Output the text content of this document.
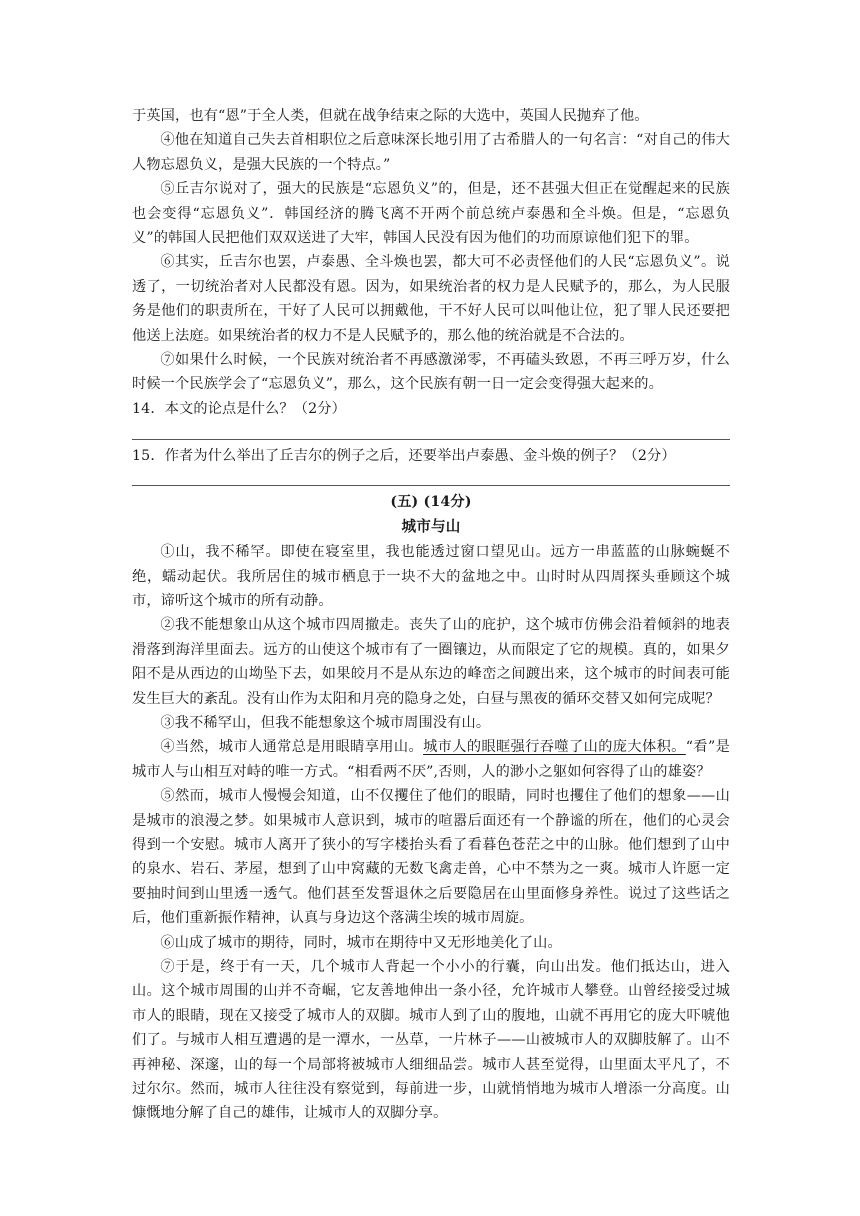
于英国，也有“恩”于全人类，但就在战争结束之际的大选中，英国人民抛弃了他。

④他在知道自己失去首相职位之后意味深长地引用了古希腊人的一句名言：“对自己的伟大人物忘恩负义，是强大民族的一个特点。”

⑤丘吉尔说对了，强大的民族是“忘恩负义”的，但是，还不甚强大但正在觉醒起来的民族也会变得“忘恩负义”．韩国经济的腾飞离不开两个前总统卢泰愚和全斗焕。但是，“忘恩负义”的韩国人民把他们双双送进了大牢，韩国人民没有因为他们的功而原谅他们犯下的罪。

⑥其实，丘吉尔也罢，卢泰愚、全斗焕也罢，都大可不必责怪他们的人民“忘恩负义”。说透了，一切统治者对人民都没有恩。因为，如果统治者的权力是人民赋予的，那么，为人民服务是他们的职责所在，干好了人民可以拥戴他，干不好人民可以叫他让位，犯了罪人民还要把他送上法庭。如果统治者的权力不是人民赋予的，那么他的统治就是不合法的。

⑦如果什么时候，一个民族对统治者不再感激涕零，不再磕头致恩，不再三呼万岁，什么时候一个民族学会了“忘恩负义”，那么，这个民族有朝一日一定会变得强大起来的。

14．本文的论点是什么？（2分）

15．作者为什么举出了丘吉尔的例子之后，还要举出卢泰愚、金斗焕的例子？（2分）

(五) (14分)

城市与山

①山，我不稀罕。即使在寝室里，我也能透过窗口望见山。远方一串蓝蓝的山脉蜿蜒不绝，蠕动起伏。我所居住的城市栖息于一块不大的盆地之中。山时时从四周探头垂顾这个城市，谛听这个城市的所有动静。

②我不能想象山从这个城市四周撤走。丧失了山的庇护，这个城市仿佛会沿着倾斜的地表滑落到海洋里面去。远方的山使这个城市有了一圈镶边，从而限定了它的规模。真的，如果夕阳不是从西边的山坳坠下去，如果皎月不是从东边的峰峦之间踱出来，这个城市的时间表可能发生巨大的紊乱。没有山作为太阳和月亮的隐身之处，白昼与黑夜的循环交替又如何完成呢？

③我不稀罕山，但我不能想象这个城市周围没有山。

④当然，城市人通常总是用眼睛享用山。城市人的眼眶强行吞噬了山的庞大体积。“看”是城市人与山相互对峙的唯一方式。“相看两不厌”,否则，人的渺小之躯如何容得了山的雄姿？

⑤然而，城市人慢慢会知道，山不仅攫住了他们的眼睛，同时也攫住了他们的想象——山是城市的浪漫之梦。如果城市人意识到，城市的喧嚣后面还有一个静谧的所在，他们的心灵会得到一个安慰。城市人离开了狭小的写字楼抬头看了看暮色苍茫之中的山脉。他们想到了山中的泉水、岩石、茅屋，想到了山中窝藏的无数飞禽走兽，心中不禁为之一爽。城市人许愿一定要抽时间到山里透一透气。他们甚至发誓退休之后要隐居在山里面修身养性。说过了这些话之后，他们重新振作精神，认真与身边这个落满尘埃的城市周旋。

⑥山成了城市的期待，同时，城市在期待中又无形地美化了山。

⑦于是，终于有一天，几个城市人背起一个小小的行囊，向山出发。他们抵达山，进入山。这个城市周围的山并不奇崛，它友善地伸出一条小径，允许城市人攀登。山曾经接受过城市人的眼睛，现在又接受了城市人的双脚。城市人到了山的腹地，山就不再用它的庞大吓唬他们了。与城市人相互遭遇的是一潭水，一丛草，一片林子——山被城市人的双脚肢解了。山不再神秘、深邃，山的每一个局部将被城市人细细品尝。城市人甚至觉得，山里面太平凡了，不过尔尔。然而，城市人往往没有察觉到，每前进一步，山就悄悄地为城市人增添一分高度。山慷慨地分解了自己的雄伟，让城市人的双脚分享。
